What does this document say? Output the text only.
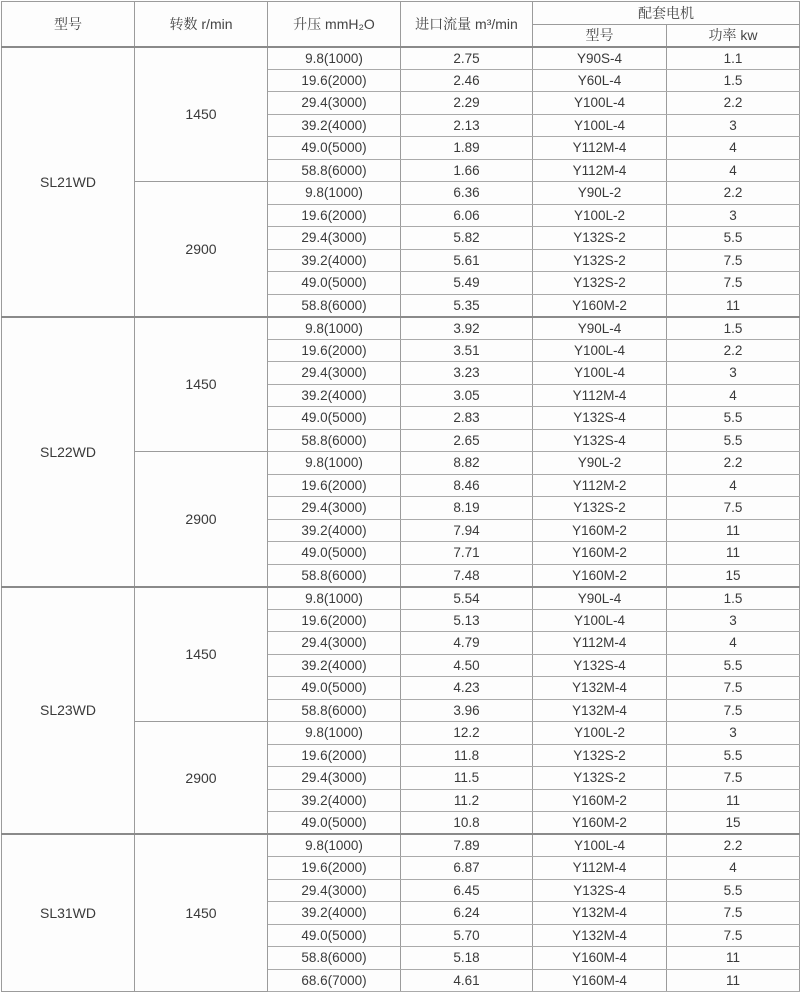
型号	转数 r/min	升压 mmH₂O	进口流量 m³/min	配套电机	
				型号	功率 kw
SL21WD	1450	9.8(1000)	2.75	Y90S-4	1.1
		19.6(2000)	2.46	Y60L-4	1.5
		29.4(3000)	2.29	Y100L-4	2.2
		39.2(4000)	2.13	Y100L-4	3
		49.0(5000)	1.89	Y112M-4	4
		58.8(6000)	1.66	Y112M-4	4
	2900	9.8(1000)	6.36	Y90L-2	2.2
		19.6(2000)	6.06	Y100L-2	3
		29.4(3000)	5.82	Y132S-2	5.5
		39.2(4000)	5.61	Y132S-2	7.5
		49.0(5000)	5.49	Y132S-2	7.5
		58.8(6000)	5.35	Y160M-2	11
SL22WD	1450	9.8(1000)	3.92	Y90L-4	1.5
		19.6(2000)	3.51	Y100L-4	2.2
		29.4(3000)	3.23	Y100L-4	3
		39.2(4000)	3.05	Y112M-4	4
		49.0(5000)	2.83	Y132S-4	5.5
		58.8(6000)	2.65	Y132S-4	5.5
	2900	9.8(1000)	8.82	Y90L-2	2.2
		19.6(2000)	8.46	Y112M-2	4
		29.4(3000)	8.19	Y132S-2	7.5
		39.2(4000)	7.94	Y160M-2	11
		49.0(5000)	7.71	Y160M-2	11
		58.8(6000)	7.48	Y160M-2	15
SL23WD	1450	9.8(1000)	5.54	Y90L-4	1.5
		19.6(2000)	5.13	Y100L-4	3
		29.4(3000)	4.79	Y112M-4	4
		39.2(4000)	4.50	Y132S-4	5.5
		49.0(5000)	4.23	Y132M-4	7.5
		58.8(6000)	3.96	Y132M-4	7.5
	2900	9.8(1000)	12.2	Y100L-2	3
		19.6(2000)	11.8	Y132S-2	5.5
		29.4(3000)	11.5	Y132S-2	7.5
		39.2(4000)	11.2	Y160M-2	11
		49.0(5000)	10.8	Y160M-2	15
SL31WD	1450	9.8(1000)	7.89	Y100L-4	2.2
		19.6(2000)	6.87	Y112M-4	4
		29.4(3000)	6.45	Y132S-4	5.5
		39.2(4000)	6.24	Y132M-4	7.5
		49.0(5000)	5.70	Y132M-4	7.5
		58.8(6000)	5.18	Y160M-4	11
		68.6(7000)	4.61	Y160M-4	11
